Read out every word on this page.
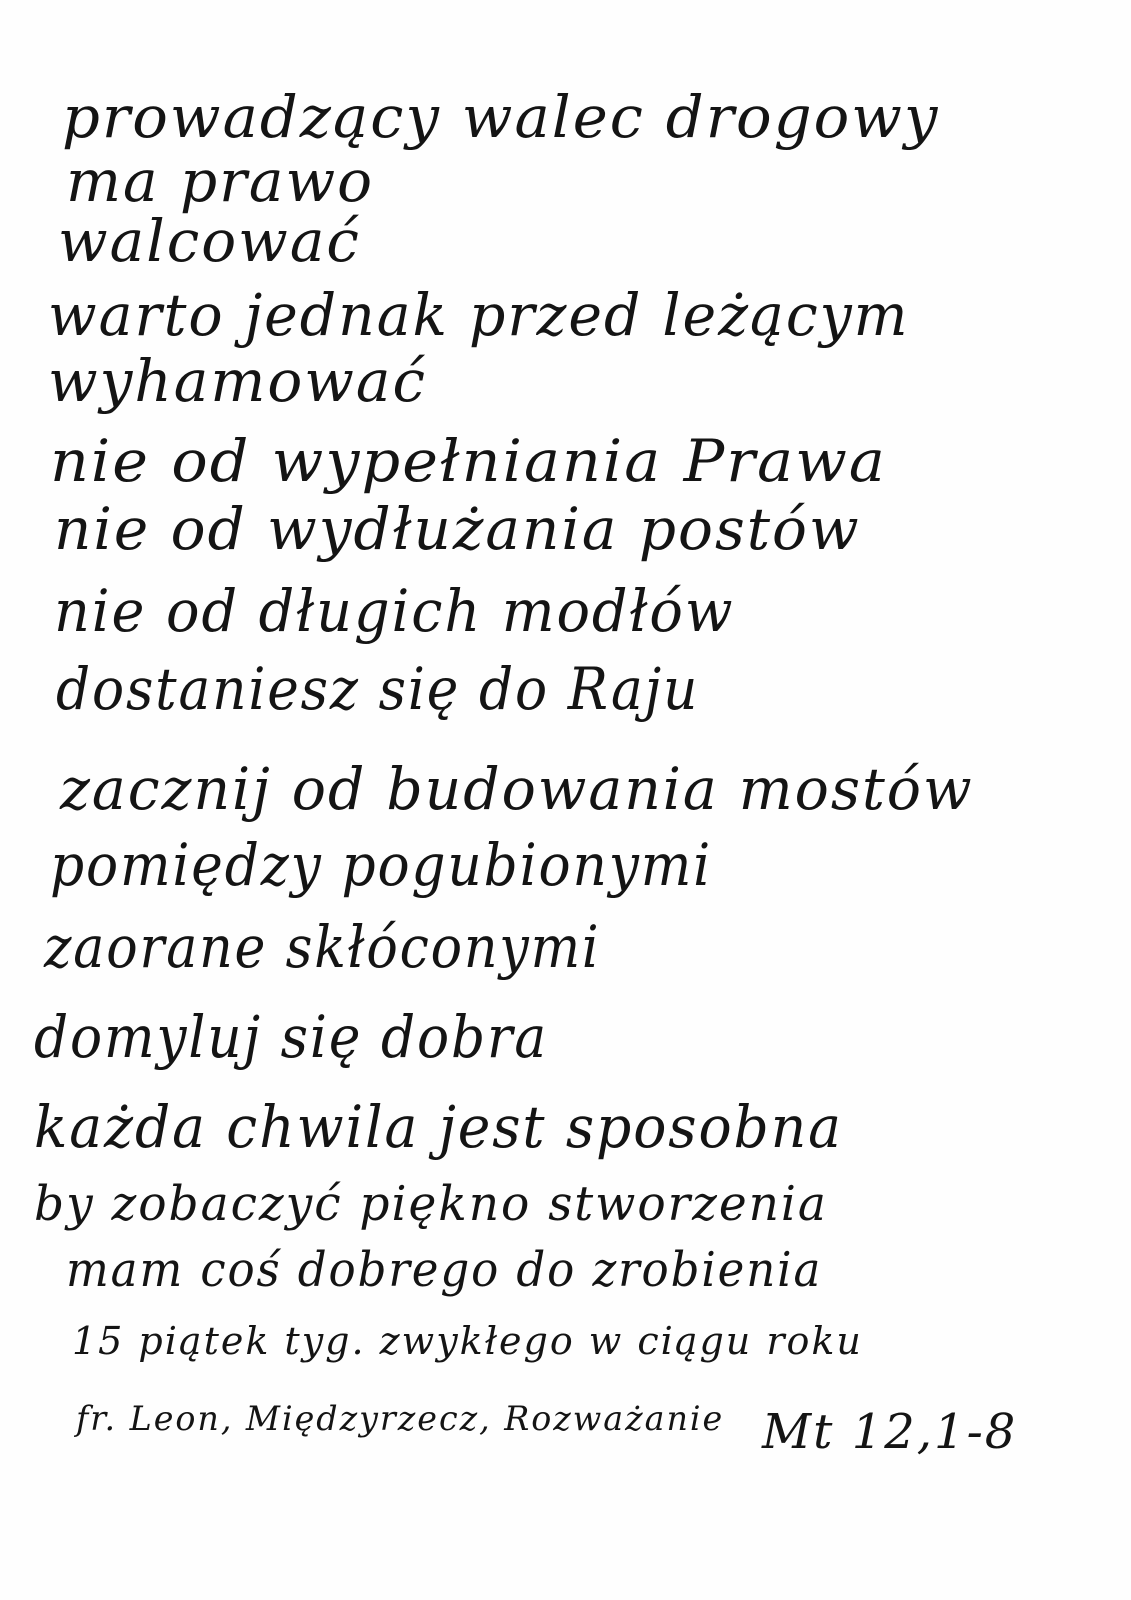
prowadzący walec drogowy
ma prawo
walcować
warto jednak przed leżącym
wyhamować
nie od wypełniania Prawa
nie od wydłużania postów
nie od długich modłów
dostaniesz się do Raju
zacznij od budowania mostów
pomiędzy pogubionymi
zaorane skłóconymi
domyluj się dobra
każda chwila jest sposobna
by zobaczyć piękno stworzenia
mam coś dobrego do zrobienia
15 piątek tyg. zwykłego w ciągu roku
fr. Leon, Międzyrzecz, Rozważanie Mt 12,1-8
